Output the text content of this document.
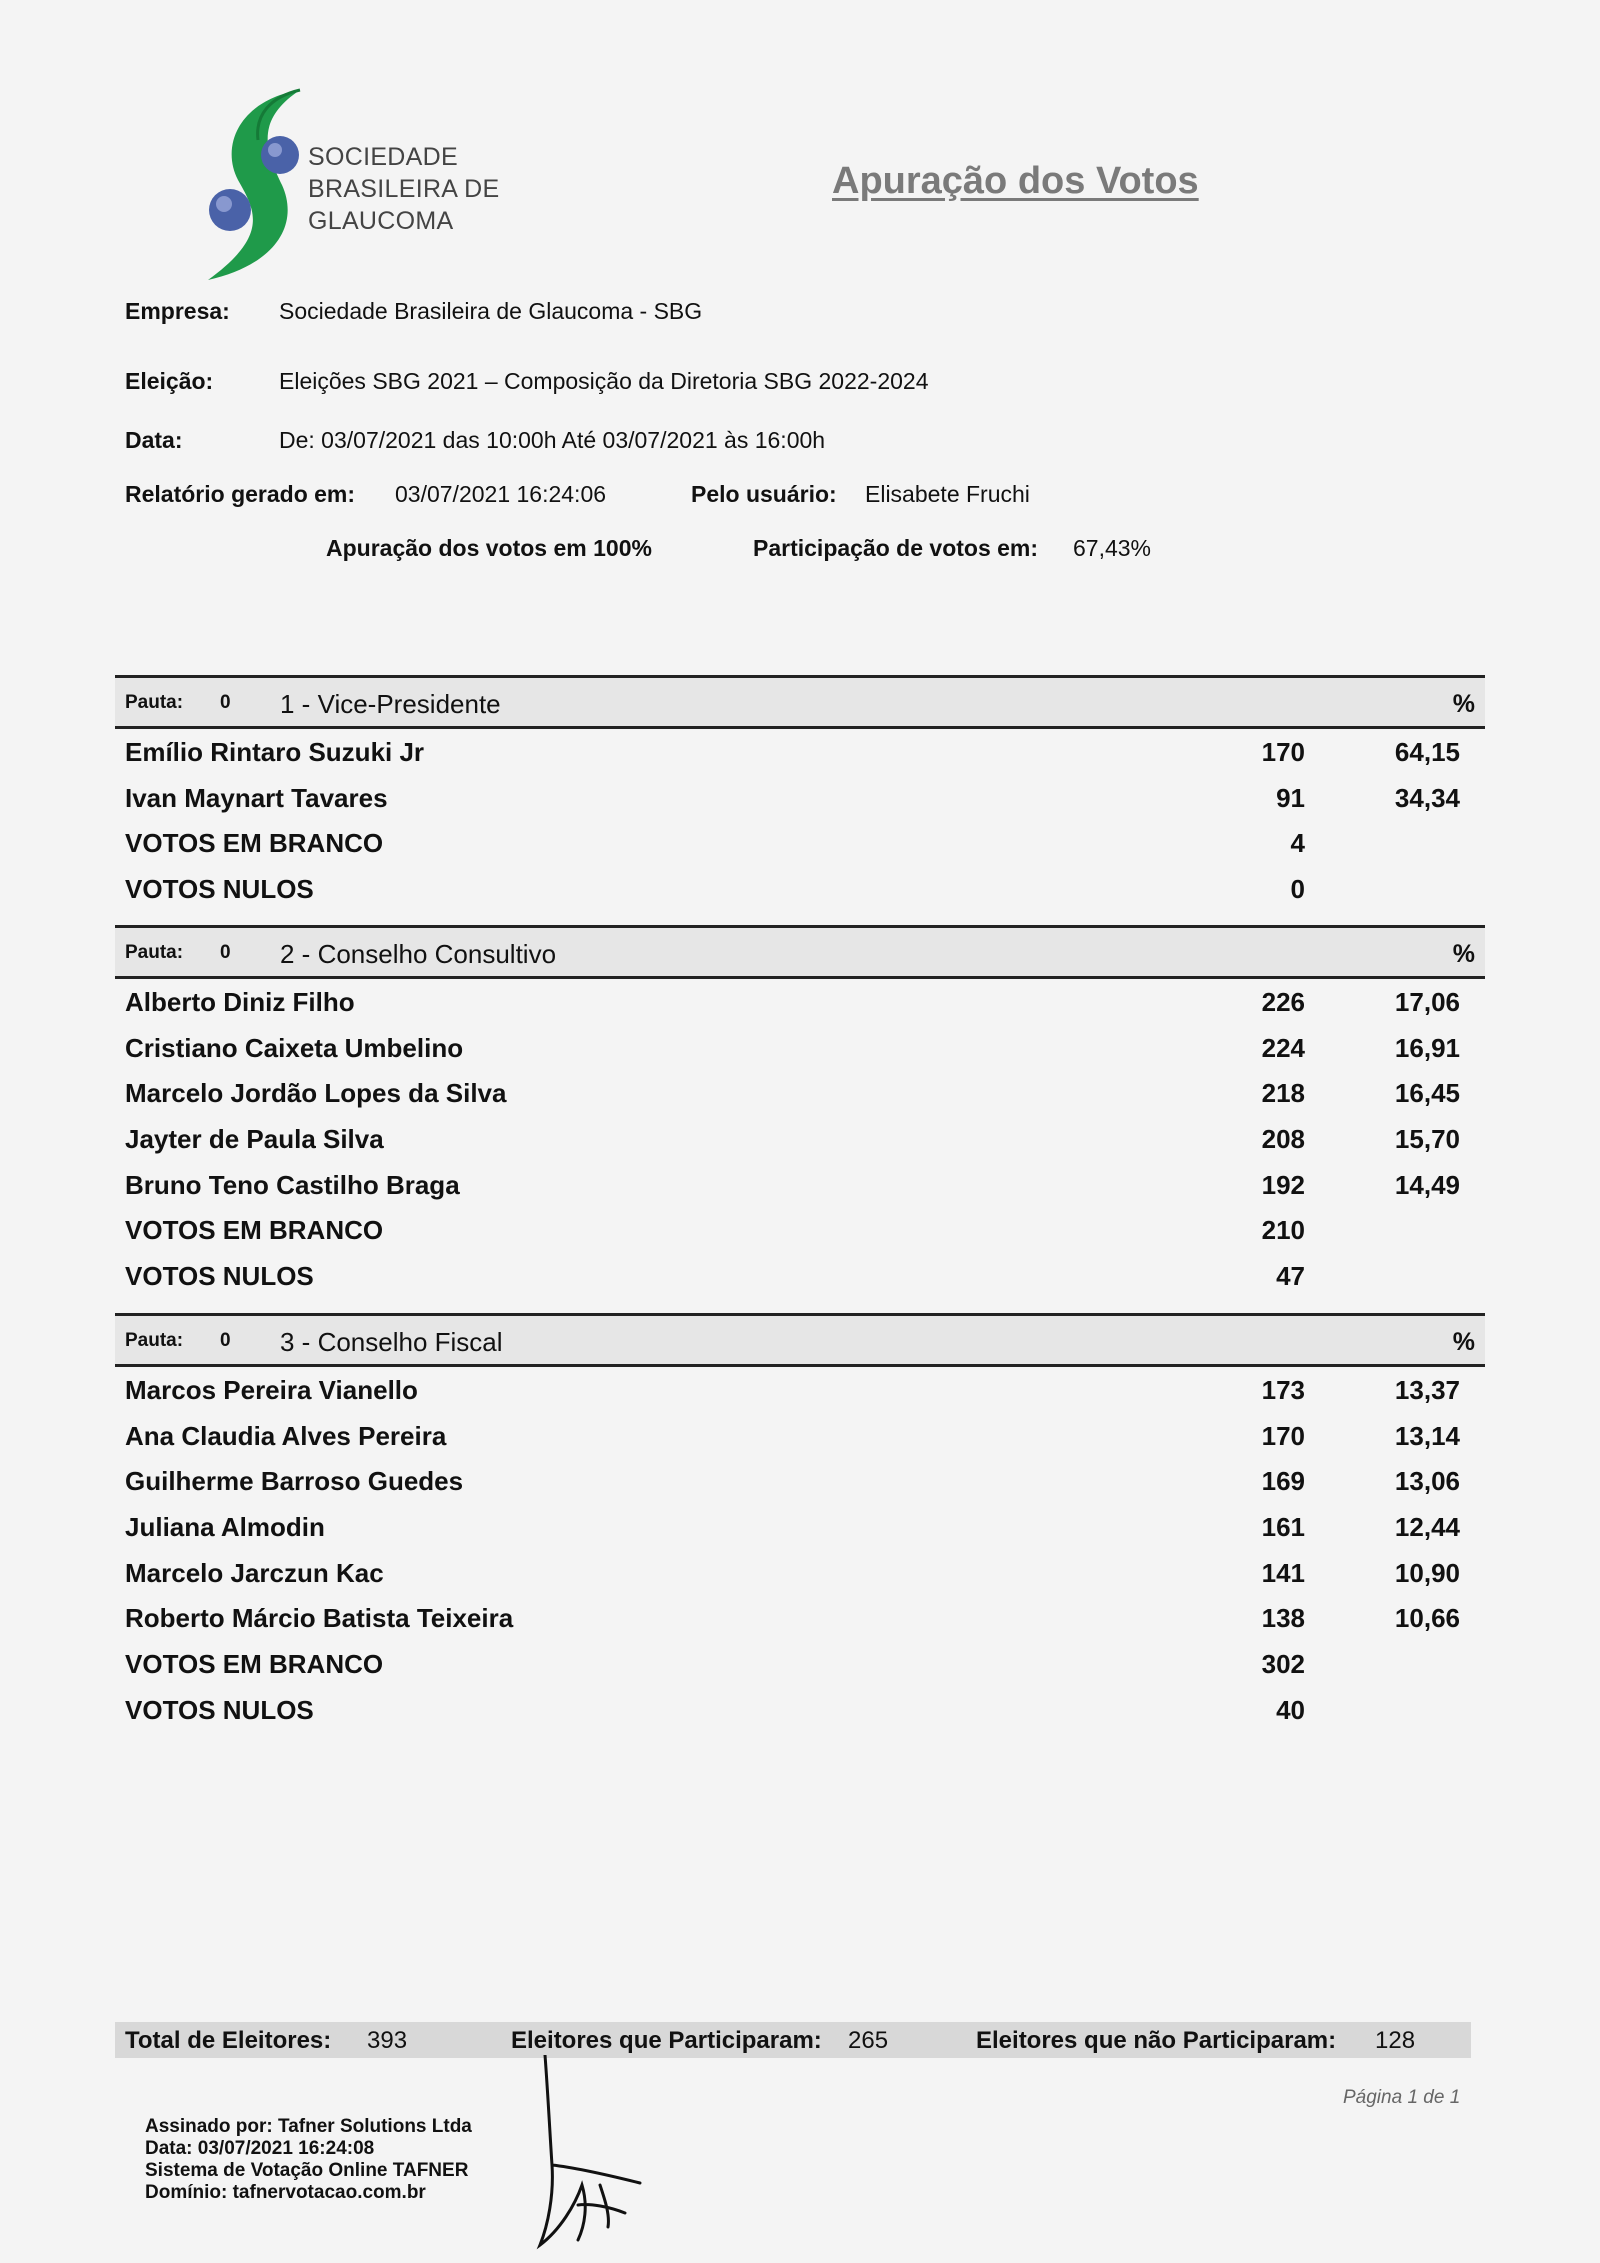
SOCIEDADE
BRASILEIRA DE
GLAUCOMA
Apuração dos Votos
Empresa: Sociedade Brasileira de Glaucoma - SBG
Eleição:	Eleições SBG 2021 – Composição da Diretoria SBG 2022-2024
Data:	De: 03/07/2021 das 10:00h Até 03/07/2021 às 16:00h
Relatório gerado em: 03/07/2021 16:24:06	Pelo usuário: Elisabete Fruchi
Apuração dos votos em 100%	Participação de votos em: 67,43%
Pauta: 0 1 - Vice-Presidente	%
Emílio Rintaro Suzuki Jr	170	64,15
Ivan Maynart Tavares	91	34,34
VOTOS EM BRANCO	4
VOTOS NULOS	0
Pauta: 0 2 - Conselho Consultivo	%
Alberto Diniz Filho	226	17,06
Cristiano Caixeta Umbelino	224	16,91
Marcelo Jordão Lopes da Silva	218	16,45
Jayter de Paula Silva	208	15,70
Bruno Teno Castilho Braga	192	14,49
VOTOS EM BRANCO	210
VOTOS NULOS	47
Pauta: 0 3 - Conselho Fiscal	%
Marcos Pereira Vianello	173	13,37
Ana Claudia Alves Pereira	170	13,14
Guilherme Barroso Guedes	169	13,06
Juliana Almodin	161	12,44
Marcelo Jarczun Kac	141	10,90
Roberto Márcio Batista Teixeira	138	10,66
VOTOS EM BRANCO	302
VOTOS NULOS	40
Total de Eleitores: 393	Eleitores que Participaram: 265	Eleitores que não Participaram: 128
Página 1 de 1
Assinado por: Tafner Solutions Ltda
Data: 03/07/2021 16:24:08
Sistema de Votação Online TAFNER
Domínio: tafnervotacao.com.br
